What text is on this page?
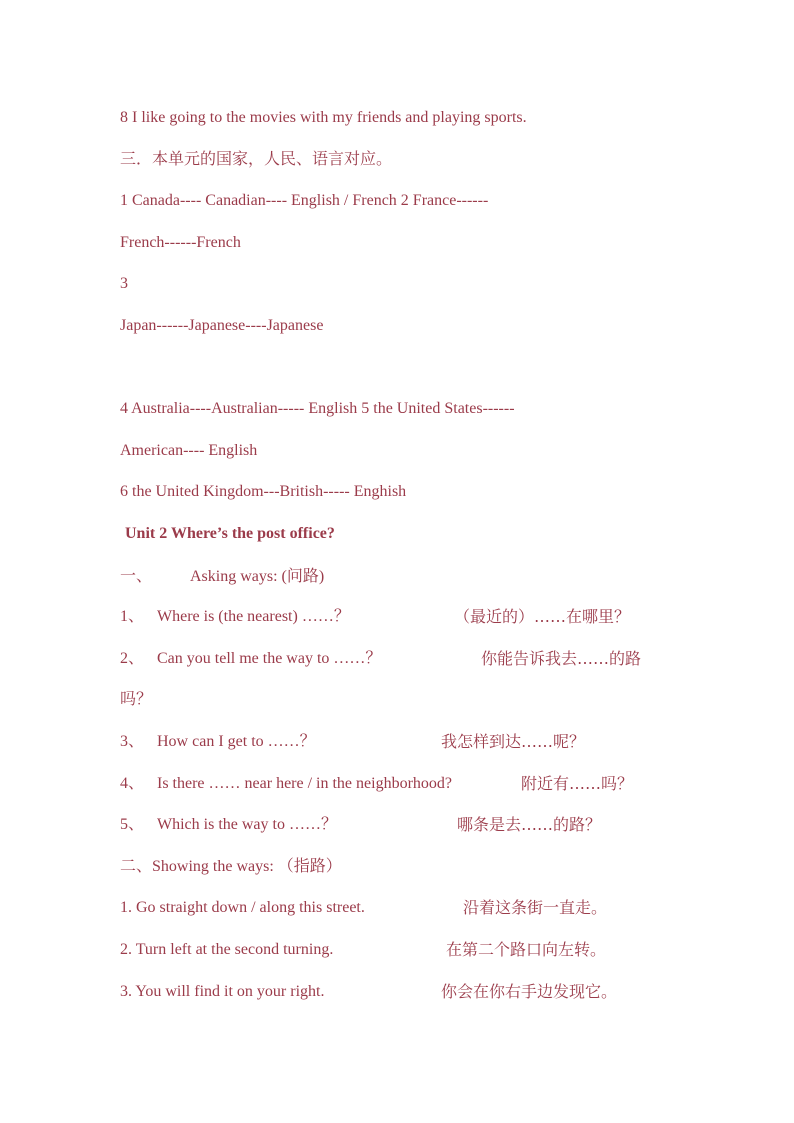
8 I like going to the movies with my friends and playing sports.
三．本单元的国家，人民、语言对应。
1 Canada---- Canadian---- English / French 2 France------
French------French
3
Japan------Japanese----Japanese
4 Australia----Australian----- English 5 the United States------
American---- English
6 the United Kingdom---British----- Enghish
Unit 2 Where’s the post office?
一、 Asking ways: (问路)
1、 Where is (the nearest) ……？	（最近的）……在哪里？
2、 Can you tell me the way to ……？	你能告诉我去……的路
吗？
3、 How can I get to ……？	我怎样到达……呢？
4、 Is there …… near here / in the neighborhood?	附近有……吗？
5、 Which is the way to ……？	哪条是去……的路？
二、Showing the ways: （指路）
1. Go straight down / along this street.	沿着这条街一直走。
2. Turn left at the second turning.	在第二个路口向左转。
3. You will find it on your right.	你会在你右手边发现它。
